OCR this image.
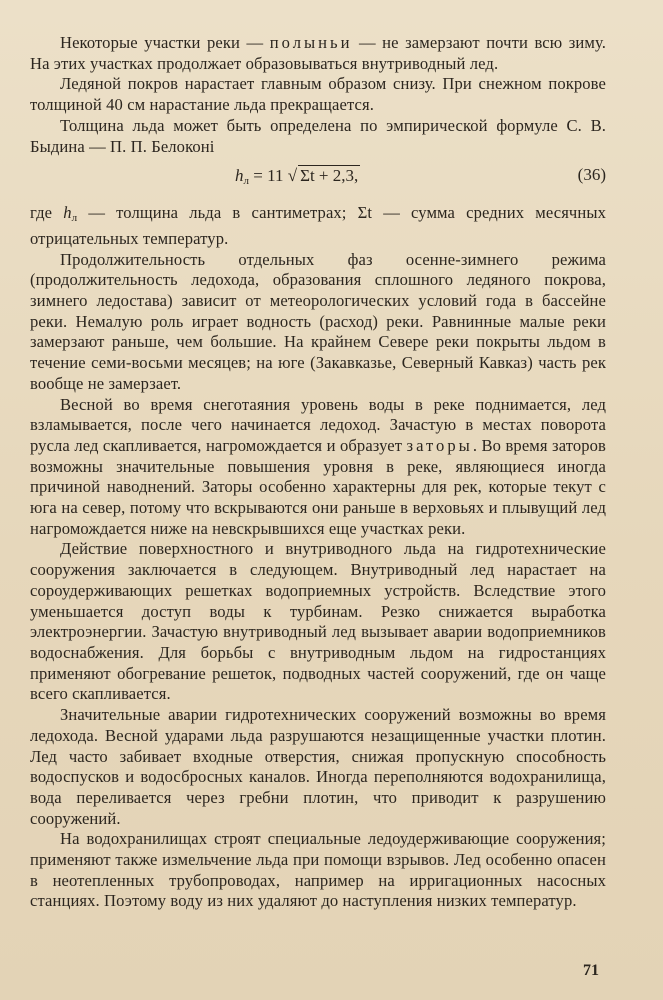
Некоторые участки реки — полыньи — не замерзают почти всю зиму. На этих участках продолжает образовываться внутриводный лед.

Ледяной покров нарастает главным образом снизу. При снежном покрове толщиной 40 см нарастание льда прекращается.

Толщина льда может быть определена по эмпирической формуле С. В. Быдина — П. П. Белоконі

$h_л = 11$ √ Σt + 2,3,	(36)

где $h_л$ — толщина льда в сантиметрах; Σt — сумма средних месячных отрицательных температур.

Продолжительность отдельных фаз осенне-зимнего режима (продолжительность ледохода, образования сплошного ледяного покрова, зимнего ледостава) зависит от метеорологических условий года в бассейне реки. Немалую роль играет водность (расход) реки. Равнинные малые реки замерзают раньше, чем большие. На крайнем Севере реки покрыты льдом в течение семи-восьми месяцев; на юге (Закавказье, Северный Кавказ) часть рек вообще не замерзает.

Весной во время снеготаяния уровень воды в реке поднимается, лед взламывается, после чего начинается ледоход. Зачастую в местах поворота русла лед скапливается, нагромождается и образует заторы. Во время заторов возможны значительные повышения уровня в реке, являющиеся иногда причиной наводнений. Заторы особенно характерны для рек, которые текут с юга на север, потому что вскрываются они раньше в верховьях и плывущий лед нагромождается ниже на невскрывшихся еще участках реки.

Действие поверхностного и внутриводного льда на гидротехнические сооружения заключается в следующем. Внутриводный лед нарастает на сороудерживающих решетках водоприемных устройств. Вследствие этого уменьшается доступ воды к турбинам. Резко снижается выработка электроэнергии. Зачастую внутриводный лед вызывает аварии водоприемников водоснабжения. Для борьбы с внутриводным льдом на гидростанциях применяют обогревание решеток, подводных частей сооружений, где он чаще всего скапливается.

Значительные аварии гидротехнических сооружений возможны во время ледохода. Весной ударами льда разрушаются незащищенные участки плотин. Лед часто забивает входные отверстия, снижая пропускную способность водоспусков и водосбросных каналов. Иногда переполняются водохранилища, вода переливается через гребни плотин, что приводит к разрушению сооружений.

На водохранилищах строят специальные ледоудерживающие сооружения; применяют также измельчение льда при помощи взрывов. Лед особенно опасен в неотепленных трубопроводах, например на ирригационных насосных станциях. Поэтому воду из них удаляют до наступления низких температур.

71
